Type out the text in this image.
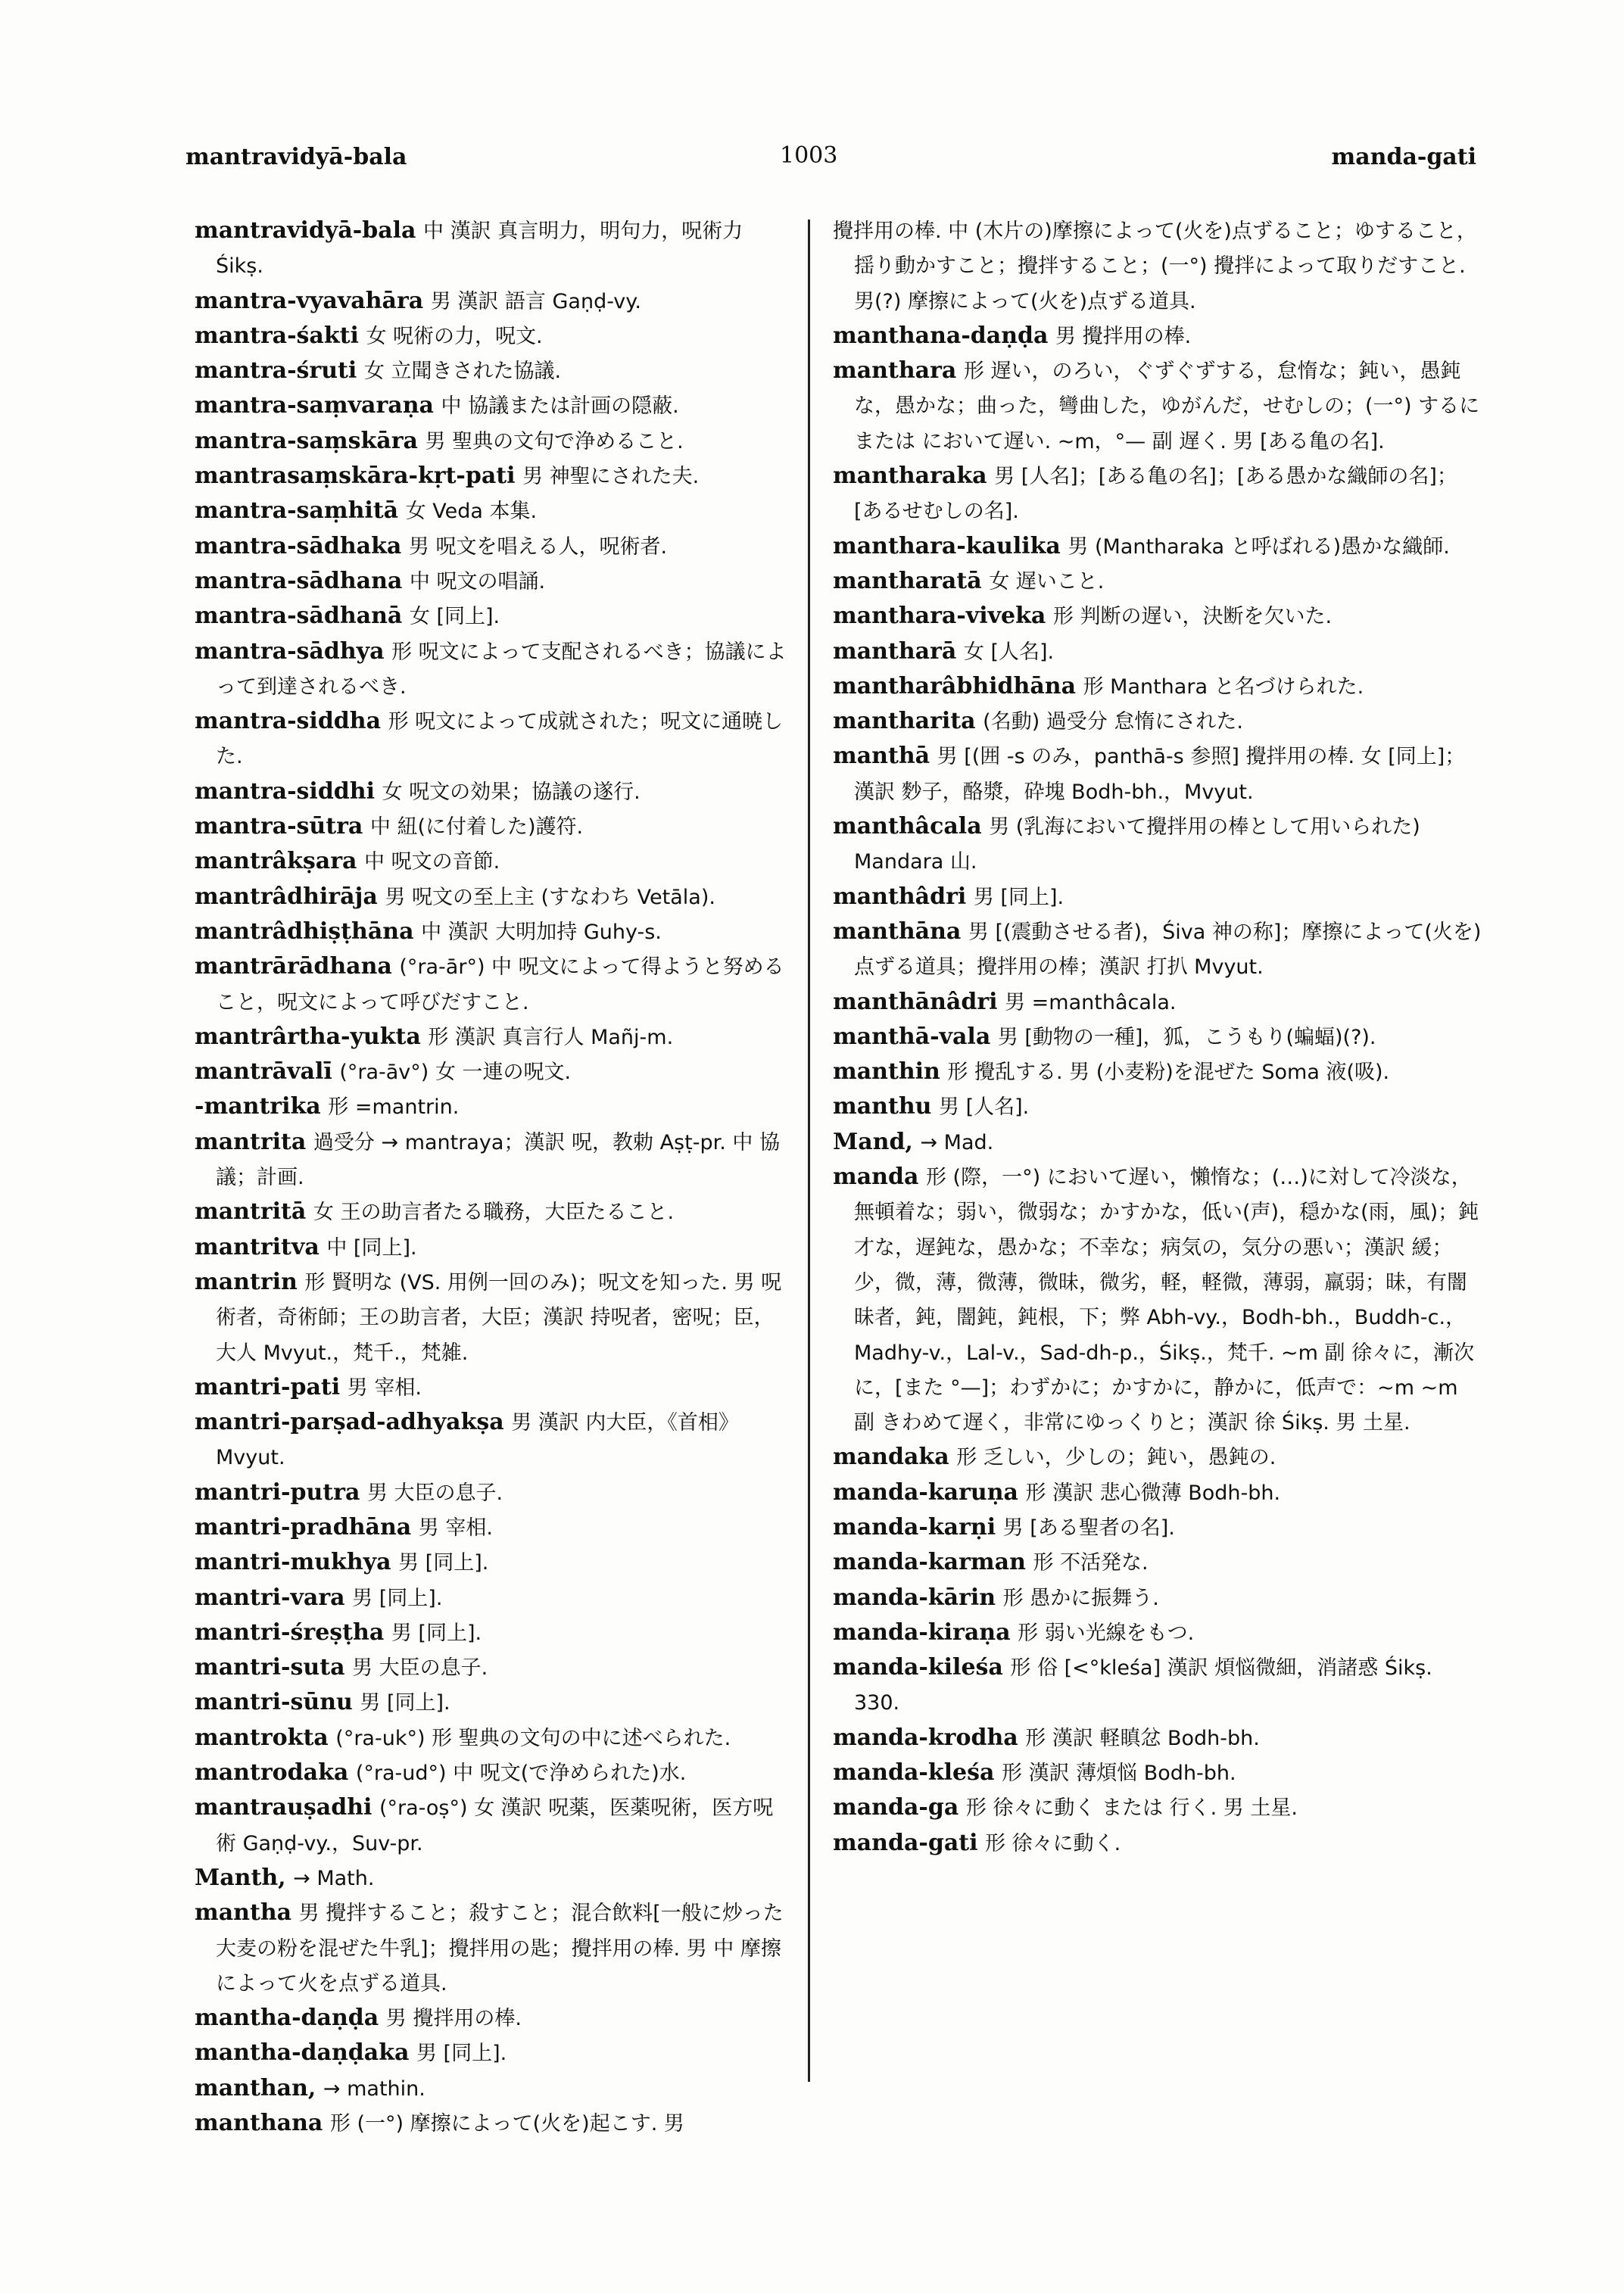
mantravidyā-bala	1003	manda-gati

mantravidyā-bala 中 漢訳 真言明力，明句力，呪術力 Śikṣ.

mantra-vyavahāra 男 漢訳 語言 Gaṇḍ-vy.

mantra-śakti 女 呪術の力，呪文.

mantra-śruti 女 立聞きされた協議.

mantra-saṃvaraṇa 中 協議または計画の隠蔽.

mantra-saṃskāra 男 聖典の文句で浄めること.

mantrasaṃskāra-kṛt-pati 男 神聖にされた夫.

mantra-saṃhitā 女 Veda 本集.

mantra-sādhaka 男 呪文を唱える人，呪術者.

mantra-sādhana 中 呪文の唱誦.

mantra-sādhanā 女 [同上].

mantra-sādhya 形 呪文によって支配されるべき；協議によって到達されるべき.

mantra-siddha 形 呪文によって成就された；呪文に通暁した.

mantra-siddhi 女 呪文の効果；協議の遂行.

mantra-sūtra 中 紐(に付着した)護符.

mantrâkṣara 中 呪文の音節.

mantrâdhirāja 男 呪文の至上主 (すなわち Vetāla).

mantrâdhiṣṭhāna 中 漢訳 大明加持 Guhy-s.

mantrārādhana (°ra-ār°) 中 呪文によって得ようと努めること，呪文によって呼びだすこと.

mantrârtha-yukta 形 漢訳 真言行人 Mañj-m.

mantrāvalī (°ra-āv°) 女 一連の呪文.

-mantrika 形 =mantrin.

mantrita 過受分 → mantraya；漢訳 呪，教勅 Aṣṭ-pr. 中 協議；計画.

mantritā 女 王の助言者たる職務，大臣たること.

mantritva 中 [同上].

mantrin 形 賢明な (VS. 用例一回のみ)；呪文を知った. 男 呪術者，奇術師；王の助言者，大臣；漢訳 持呪者，密呪；臣，大人 Mvyut.，梵千.，梵雑.

mantri-pati 男 宰相.

mantri-parṣad-adhyakṣa 男 漢訳 内大臣，《首相》 Mvyut.

mantri-putra 男 大臣の息子.

mantri-pradhāna 男 宰相.

mantri-mukhya 男 [同上].

mantri-vara 男 [同上].

mantri-śreṣṭha 男 [同上].

mantri-suta 男 大臣の息子.

mantri-sūnu 男 [同上].

mantrokta (°ra-uk°) 形 聖典の文句の中に述べられた.

mantrodaka (°ra-ud°) 中 呪文(で浄められた)水.

mantrauṣadhi (°ra-oṣ°) 女 漢訳 呪薬，医薬呪術，医方呪術 Gaṇḍ-vy.，Suv-pr.

Manth, → Math.

mantha 男 攪拌すること；殺すこと；混合飲料[一般に炒った大麦の粉を混ぜた牛乳]；攪拌用の匙；攪拌用の棒. 男 中 摩擦によって火を点ずる道具.

mantha-daṇḍa 男 攪拌用の棒.

mantha-daṇḍaka 男 [同上].

manthan, → mathin.

manthana 形 (一°) 摩擦によって(火を)起こす. 男

攪拌用の棒. 中 (木片の)摩擦によって(火を)点ずること；ゆすること，揺り動かすこと；攪拌すること；(一°) 攪拌によって取りだすこと. 男(?) 摩擦によって(火を)点ずる道具.

manthana-daṇḍa 男 攪拌用の棒.

manthara 形 遅い，のろい，ぐずぐずする，怠惰な；鈍い，愚鈍な，愚かな；曲った，彎曲した，ゆがんだ，せむしの；(一°) するに または において遅い. ~m，°— 副 遅く. 男 [ある亀の名].

mantharaka 男 [人名]；[ある亀の名]；[ある愚かな織師の名]；[あるせむしの名].

manthara-kaulika 男 (Mantharaka と呼ばれる)愚かな織師.

mantharatā 女 遅いこと.

manthara-viveka 形 判断の遅い，決断を欠いた.

mantharā 女 [人名].

mantharâbhidhāna 形 Manthara と名づけられた.

mantharita (名動) 過受分 怠惰にされた.

manthā 男 [(囲 -s のみ，panthā-s 参照] 攪拌用の棒. 女 [同上]；漢訳 麨子，酪漿，砕塊 Bodh-bh.，Mvyut.

manthâcala 男 (乳海において攪拌用の棒として用いられた) Mandara 山.

manthâdri 男 [同上].

manthāna 男 [(震動させる者)，Śiva 神の称]；摩擦によって(火を)点ずる道具；攪拌用の棒；漢訳 打扒 Mvyut.

manthānâdri 男 =manthâcala.

manthā-vala 男 [動物の一種]，狐，こうもり(蝙蝠)(?).

manthin 形 攪乱する. 男 (小麦粉)を混ぜた Soma 液(吸).

manthu 男 [人名].

Mand, → Mad.

manda 形 (際，一°) において遅い，懶惰な；(…)に対して冷淡な，無頓着な；弱い，微弱な；かすかな，低い(声)，穏かな(雨，風)；鈍才な，遅鈍な，愚かな；不幸な；病気の，気分の悪い；漢訳 緩；少，微，薄，微薄，微昧，微劣，軽，軽微，薄弱，羸弱；昧，有闇昧者，鈍，闇鈍，鈍根，下；弊 Abh-vy.，Bodh-bh.，Buddh-c.，Madhy-v.，Lal-v.，Sad-dh-p.，Śikṣ.，梵千. ~m 副 徐々に，漸次に，[また °—]；わずかに；かすかに，静かに，低声で：~m ~m 副 きわめて遅く，非常にゆっくりと；漢訳 徐 Śikṣ. 男 土星.

mandaka 形 乏しい，少しの；鈍い，愚鈍の.

manda-karuṇa 形 漢訳 悲心微薄 Bodh-bh.

manda-karṇi 男 [ある聖者の名].

manda-karman 形 不活発な.

manda-kārin 形 愚かに振舞う.

manda-kiraṇa 形 弱い光線をもつ.

manda-kileśa 形 俗 [<°kleśa] 漢訳 煩悩微細，消諸惑 Śikṣ. 330.

manda-krodha 形 漢訳 軽瞋忿 Bodh-bh.

manda-kleśa 形 漢訳 薄煩悩 Bodh-bh.

manda-ga 形 徐々に動く または 行く. 男 土星.

manda-gati 形 徐々に動く.
